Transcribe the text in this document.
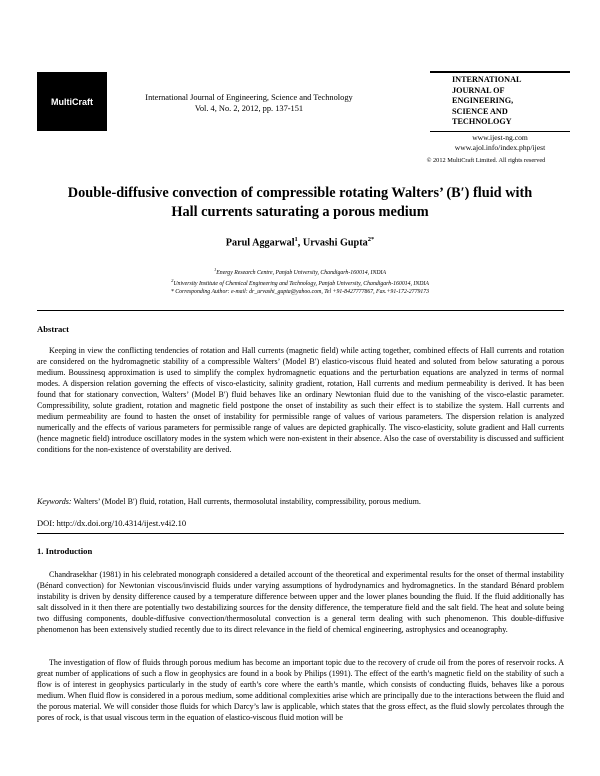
MultiCraft	International Journal of Engineering, Science and Technology
Vol. 4, No. 2, 2012, pp. 137-151
INTERNATIONAL
JOURNAL OF
ENGINEERING,
SCIENCE AND
TECHNOLOGY
www.ijest-ng.com
www.ajol.info/index.php/ijest
© 2012 MultiCraft Limited. All rights reserved
Double-diffusive convection of compressible rotating Walters’ (B′) fluid with
Hall currents saturating a porous medium
Parul Aggarwal$^1$, Urvashi Gupta$^{2*}$
$^1$Energy Research Centre, Panjab University, Chandigarh-160014, INDIA
$^2$University Institute of Chemical Engineering and Technology, Panjab University, Chandigarh-160014, INDIA
* Corresponding Author: e-mail: dr_urvashi_gupta@yahoo.com, Tel +91-8427777867, Fax.+91-172-2779173
Abstract
Keeping in view the conflicting tendencies of rotation and Hall currents (magnetic field) while acting together, combined effects of Hall currents and rotation are considered on the hydromagnetic stability of a compressible Walters’ (Model B′) elastico-viscous fluid heated and soluted from below saturating a porous medium. Boussinesq approximation is used to simplify the complex hydromagnetic equations and the perturbation equations are analyzed in terms of normal modes. A dispersion relation governing the effects of visco-elasticity, salinity gradient, rotation, Hall currents and medium permeability is derived. It has been found that for stationary convection, Walters’ (Model B′) fluid behaves like an ordinary Newtonian fluid due to the vanishing of the visco-elastic parameter. Compressibility, solute gradient, rotation and magnetic field postpone the onset of instability as such their effect is to stabilize the system. Hall currents and medium permeability are found to hasten the onset of instability for permissible range of values of various parameters. The dispersion relation is analyzed numerically and the effects of various parameters for permissible range of values are depicted graphically. The visco-elasticity, solute gradient and Hall currents (hence magnetic field) introduce oscillatory modes in the system which were non-existent in their absence. Also the case of overstability is discussed and sufficient conditions for the non-existence of overstability are derived.
Keywords: Walters’ (Model B′) fluid, rotation, Hall currents, thermosolutal instability, compressibility, porous medium.
DOI: http://dx.doi.org/10.4314/ijest.v4i2.10
1. Introduction
Chandrasekhar (1981) in his celebrated monograph considered a detailed account of the theoretical and experimental results for the onset of thermal instability (Bénard convection) for Newtonian viscous/inviscid fluids under varying assumptions of hydrodynamics and hydromagnetics. In the standard Bénard problem instability is driven by density difference caused by a temperature difference between upper and the lower planes bounding the fluid. If the fluid additionally has salt dissolved in it then there are potentially two destabilizing sources for the density difference, the temperature field and the salt field. The heat and solute being two diffusing components, double-diffusive convection/thermosolutal convection is a general term dealing with such phenomenon. This double-diffusive phenomenon has been extensively studied recently due to its direct relevance in the field of chemical engineering, astrophysics and oceanography.
The investigation of flow of fluids through porous medium has become an important topic due to the recovery of crude oil from the pores of reservoir rocks. A great number of applications of such a flow in geophysics are found in a book by Philips (1991). The effect of the earth’s magnetic field on the stability of such a flow is of interest in geophysics particularly in the study of earth’s core where the earth’s mantle, which consists of conducting fluids, behaves like a porous medium. When fluid flow is considered in a porous medium, some additional complexities arise which are principally due to the interactions between the fluid and the porous material. We will consider those fluids for which Darcy’s law is applicable, which states that the gross effect, as the fluid slowly percolates through the pores of rock, is that usual viscous term in the equation of elastico-viscous fluid motion will be
